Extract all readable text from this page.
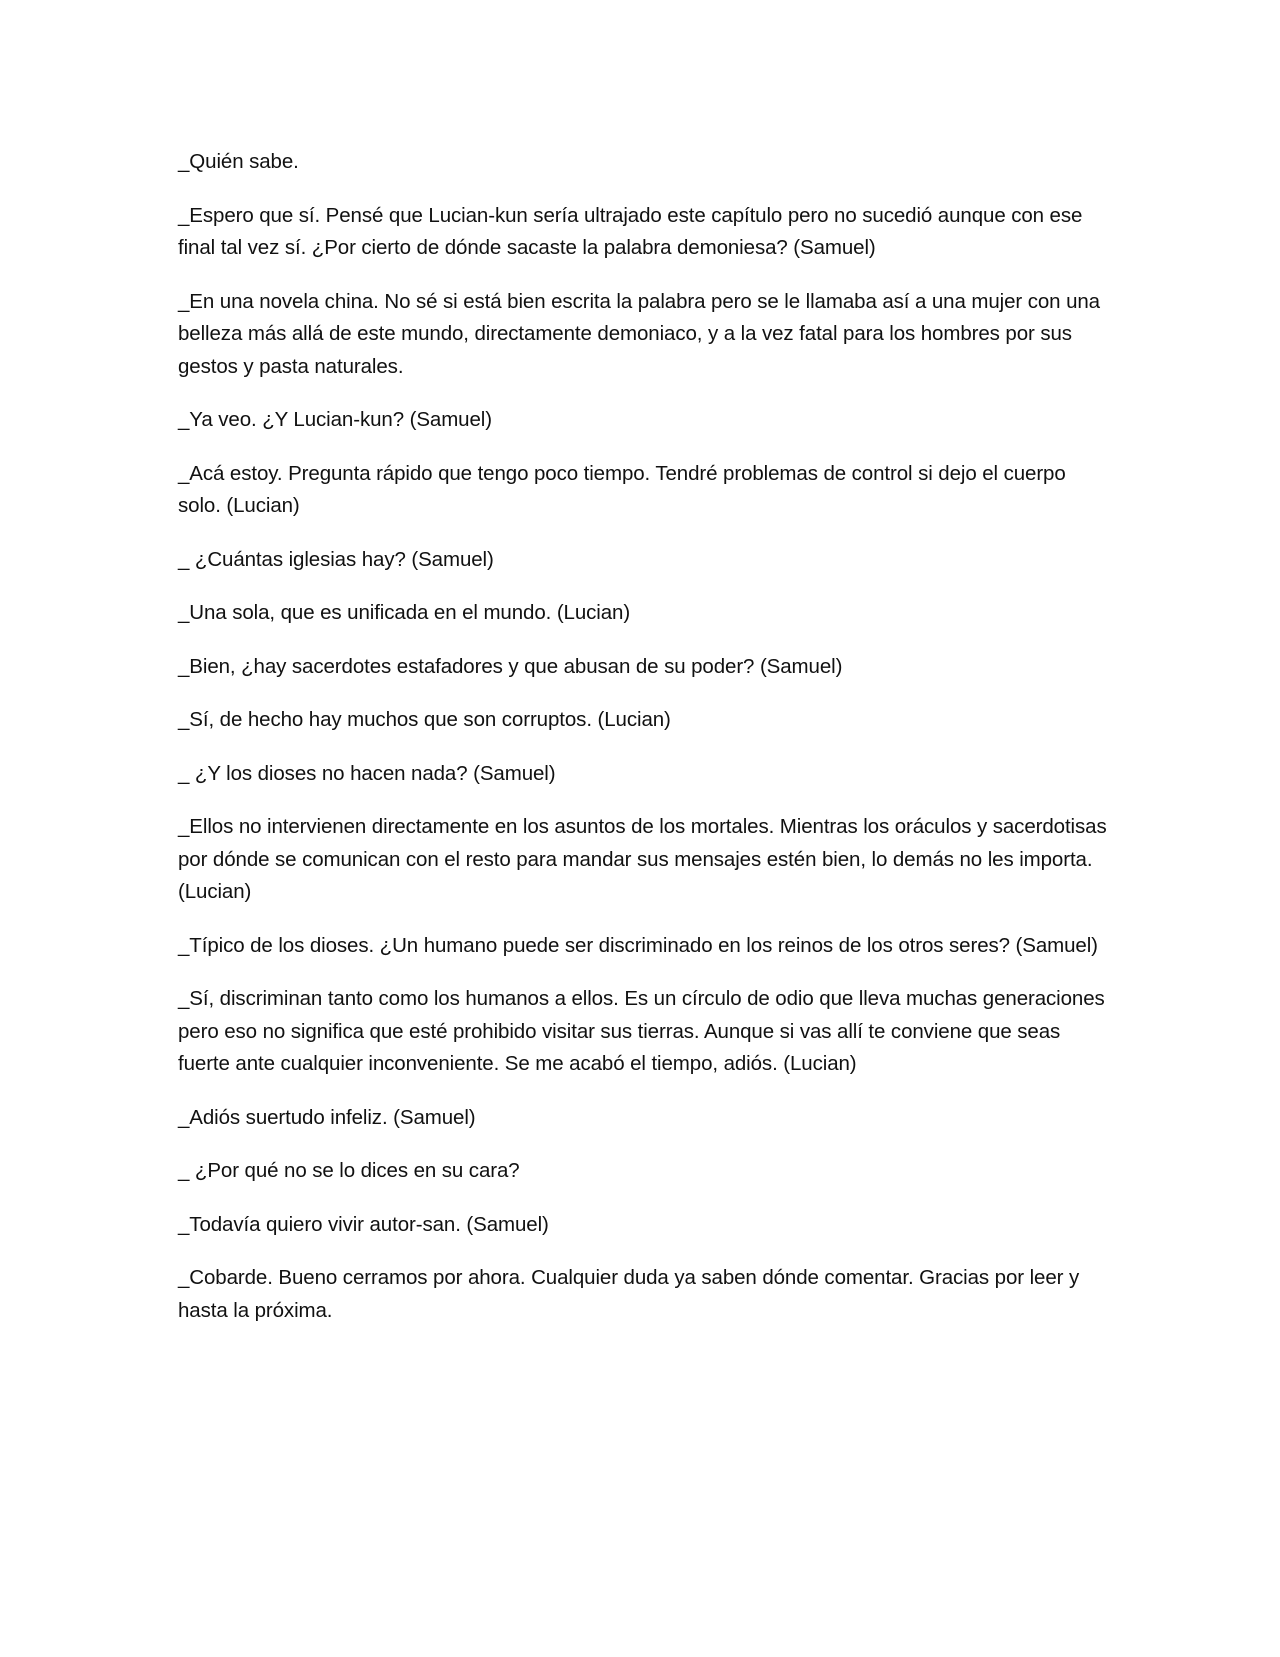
_Quién sabe.

_Espero que sí. Pensé que Lucian-kun sería ultrajado este capítulo pero no sucedió aunque con ese final tal vez sí. ¿Por cierto de dónde sacaste la palabra demoniesa? (Samuel)

_En una novela china. No sé si está bien escrita la palabra pero se le llamaba así a una mujer con una belleza más allá de este mundo, directamente demoniaco, y a la vez fatal para los hombres por sus gestos y pasta naturales.

_Ya veo. ¿Y Lucian-kun? (Samuel)

_Acá estoy. Pregunta rápido que tengo poco tiempo. Tendré problemas de control si dejo el cuerpo solo. (Lucian)

_ ¿Cuántas iglesias hay? (Samuel)

_Una sola, que es unificada en el mundo. (Lucian)

_Bien, ¿hay sacerdotes estafadores y que abusan de su poder? (Samuel)

_Sí, de hecho hay muchos que son corruptos. (Lucian)

_ ¿Y los dioses no hacen nada? (Samuel)

_Ellos no intervienen directamente en los asuntos de los mortales. Mientras los oráculos y sacerdotisas por dónde se comunican con el resto para mandar sus mensajes estén bien, lo demás no les importa. (Lucian)

_Típico de los dioses. ¿Un humano puede ser discriminado en los reinos de los otros seres? (Samuel)

_Sí, discriminan tanto como los humanos a ellos. Es un círculo de odio que lleva muchas generaciones pero eso no significa que esté prohibido visitar sus tierras. Aunque si vas allí te conviene que seas fuerte ante cualquier inconveniente. Se me acabó el tiempo, adiós. (Lucian)

_Adiós suertudo infeliz. (Samuel)

_ ¿Por qué no se lo dices en su cara?

_Todavía quiero vivir autor-san. (Samuel)

_Cobarde. Bueno cerramos por ahora. Cualquier duda ya saben dónde comentar. Gracias por leer y hasta la próxima.
